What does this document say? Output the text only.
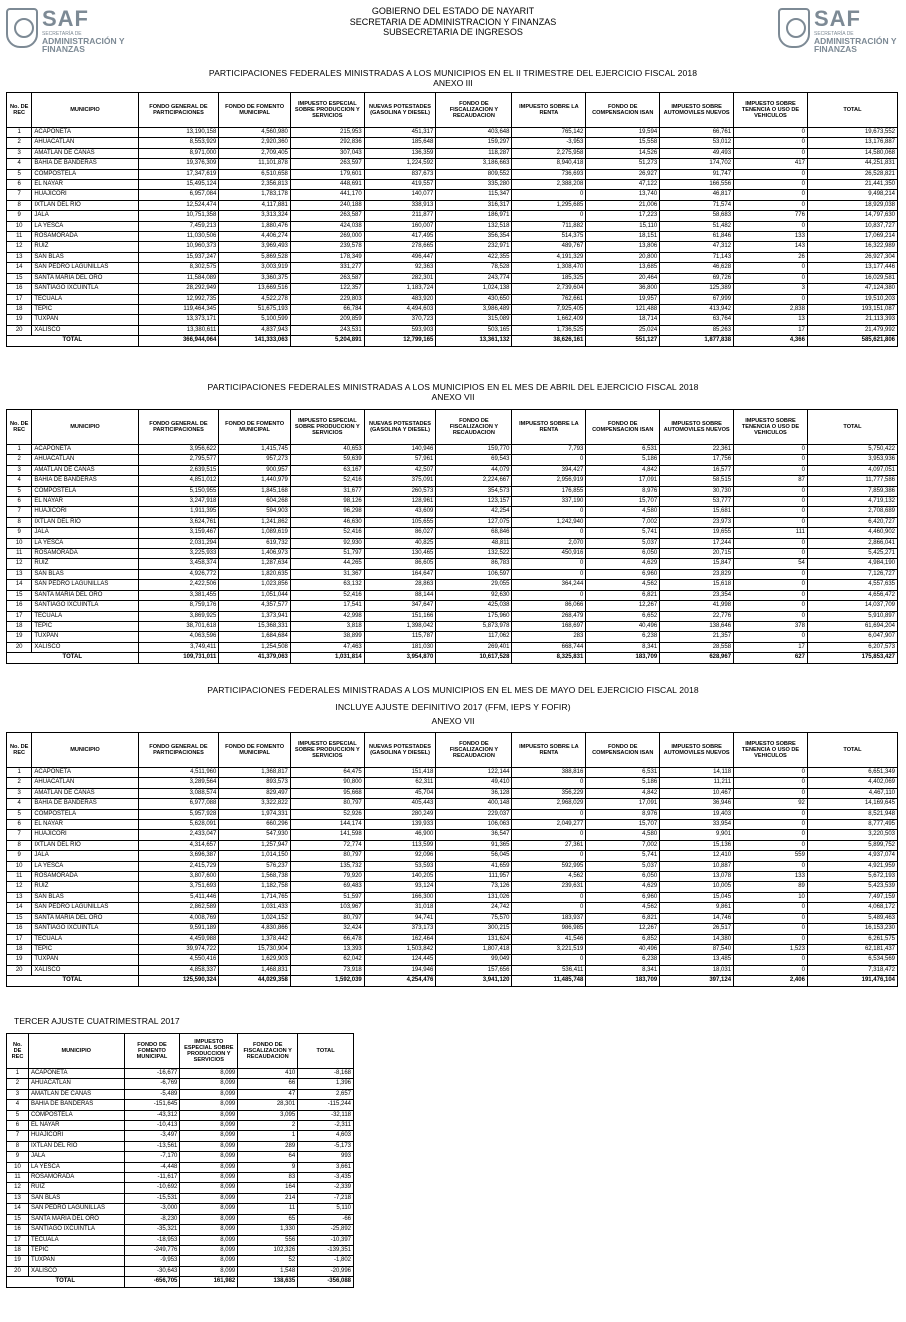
SAF
SECRETARÍA DE
ADMINISTRACIÓN Y FINANZAS
GOBIERNO DEL ESTADO DE NAYARIT
SECRETARIA DE ADMINISTRACION Y FINANZAS
SUBSECRETARIA DE INGRESOS
SAF
SECRETARÍA DE
ADMINISTRACIÓN Y FINANZAS
PARTICIPACIONES FEDERALES MINISTRADAS A LOS MUNICIPIOS EN EL II TRIMESTRE DEL EJERCICIO FISCAL 2018
ANEXO III
No. DE REC	MUNICIPIO	FONDO GENERAL DE PARTICIPACIONES	FONDO DE FOMENTO MUNICIPAL	IMPUESTO ESPECIAL SOBRE PRODUCCION Y SERVICIOS	NUEVAS POTESTADES (GASOLINA Y DIESEL)	FONDO DE FISCALIZACION Y RECAUDACION	IMPUESTO SOBRE LA RENTA	FONDO DE COMPENSACION ISAN	IMPUESTO SOBRE AUTOMOVILES NUEVOS	IMPUESTO SOBRE TENENCIA O USO DE VEHICULOS	TOTAL
1	ACAPONETA	13,190,158	4,560,980	215,953	451,317	403,648	765,142	19,594	66,761	0	19,673,552
2	AHUACATLAN	8,553,929	2,920,360	292,836	185,648	159,297	-3,953	15,558	53,012	0	13,176,887
3	AMATLAN DE CAÑAS	8,971,000	2,709,405	307,043	136,359	118,287	2,275,958	14,526	49,493	0	14,580,068
4	BAHIA DE BANDERAS	19,376,309	11,101,878	263,597	1,224,592	3,186,663	8,940,418	51,273	174,702	417	44,251,831
5	COMPOSTELA	17,347,619	6,510,658	179,601	837,673	809,552	736,693	26,927	91,747	0	26,528,821
6	EL NAYAR	15,495,124	2,356,813	448,691	419,557	335,280	2,388,208	47,122	166,556	0	21,441,350
7	HUAJICORI	6,957,084	1,783,178	441,170	140,077	115,347	0	13,740	46,817	0	9,498,214
8	IXTLAN DEL RIO	12,524,474	4,117,881	240,188	338,913	316,317	1,295,685	21,006	71,574	0	18,929,038
9	JALA	10,751,358	3,313,324	263,587	211,877	186,971	0	17,223	58,683	776	14,797,630
10	LA YESCA	7,459,213	1,880,476	424,038	160,007	132,518	711,882	15,110	51,482	0	10,837,727
11	ROSAMORADA	11,030,506	4,406,274	269,000	417,495	356,354	514,375	18,151	61,846	133	17,069,214
12	RUIZ	10,960,373	3,969,493	239,578	278,665	232,971	489,767	13,806	47,312	143	16,322,989
13	SAN BLAS	15,937,247	5,869,528	178,349	496,447	422,355	4,191,329	20,800	71,143	26	26,927,304
14	SAN PEDRO LAGUNILLAS	8,302,575	3,003,919	331,277	92,363	78,528	1,308,470	13,685	46,628	0	13,177,446
15	SANTA MARIA DEL ORO	11,584,089	3,360,375	263,587	282,301	243,774	185,325	20,464	69,726	0	16,029,581
16	SANTIAGO IXCUINTLA	28,292,949	13,669,516	122,357	1,183,724	1,024,138	2,739,604	36,800	125,389	3	47,124,380
17	TECUALA	12,992,735	4,522,278	229,803	483,920	430,650	762,661	19,957	67,999	0	19,510,203
18	TEPIC	119,464,345	51,675,193	66,784	4,494,603	3,986,489	7,925,405	121,488	413,942	2,838	193,151,087
19	TUXPAN	13,373,171	5,100,599	209,859	370,723	315,089	1,662,409	18,714	63,764	13	21,113,393
20	XALISCO	13,380,611	4,837,943	243,531	593,903	503,165	1,736,525	25,024	85,263	17	21,479,992
TOTAL		366,944,064	141,333,063	5,204,891	12,799,165	13,361,132	38,626,161	551,127	1,877,838	4,366	585,621,806
PARTICIPACIONES FEDERALES MINISTRADAS A LOS MUNICIPIOS EN EL MES DE ABRIL DEL EJERCICIO FISCAL 2018
ANEXO VII
No. DE REC	MUNICIPIO	FONDO GENERAL DE PARTICIPACIONES	FONDO DE FOMENTO MUNICIPAL	IMPUESTO ESPECIAL SOBRE PRODUCCION Y SERVICIOS	NUEVAS POTESTADES (GASOLINA Y DIESEL)	FONDO DE FISCALIZACION Y RECAUDACION	IMPUESTO SOBRE LA RENTA	FONDO DE COMPENSACION ISAN	IMPUESTO SOBRE AUTOMOVILES NUEVOS	IMPUESTO SOBRE TENENCIA O USO DE VEHICULOS	TOTAL
1	ACAPONETA	3,956,622	1,415,745	40,653	140,946	159,770	7,793	6,531	22,361	0	5,750,422
2	AHUACATLAN	2,795,577	957,273	59,639	57,961	69,543	0	5,186	17,756	0	3,953,936
3	AMATLAN DE CAÑAS	2,639,515	900,957	63,167	42,507	44,079	394,427	4,842	16,577	0	4,097,051
4	BAHIA DE BANDERAS	4,851,012	1,440,979	52,416	375,091	2,224,667	2,956,919	17,091	58,515	87	11,777,586
5	COMPOSTELA	5,150,955	1,845,168	31,677	260,573	354,573	176,855	8,976	30,730	0	7,859,386
6	EL NAYAR	3,247,918	604,268	98,126	128,961	123,157	337,190	15,707	53,777	0	4,719,132
7	HUAJICORI	1,911,395	594,903	96,298	43,609	42,254	0	4,580	15,681	0	2,708,689
8	IXTLAN DEL RIO	3,624,761	1,241,862	46,630	105,655	127,075	1,242,940	7,002	23,973	0	6,420,727
9	JALA	3,159,467	1,089,619	52,416	86,027	68,846	0	5,741	19,655	111	4,460,902
10	LA YESCA	2,031,294	619,732	92,930	40,825	48,811	2,070	5,037	17,244	0	2,866,041
11	ROSAMORADA	3,225,933	1,406,973	51,797	130,465	132,522	450,916	6,050	20,715	0	5,425,271
12	RUIZ	3,458,374	1,287,634	44,265	86,605	86,783	0	4,629	15,847	54	4,984,190
13	SAN BLAS	4,926,772	1,820,635	31,367	164,647	106,597	0	6,960	23,829	0	7,126,727
14	SAN PEDRO LAGUNILLAS	2,422,506	1,023,856	63,132	28,863	29,055	364,244	4,562	15,618	0	4,557,635
15	SANTA MARIA DEL ORO	3,381,455	1,051,044	52,416	88,144	92,630	0	6,821	23,354	0	4,656,472
16	SANTIAGO IXCUINTLA	8,759,176	4,357,577	17,541	347,647	425,038	86,066	12,267	41,998	0	14,037,709
17	TECUALA	3,869,925	1,373,941	42,998	151,166	175,960	268,479	6,652	22,776	0	5,910,897
18	TEPIC	38,701,618	15,368,331	3,818	1,398,042	5,873,978	168,697	40,496	138,646	378	61,694,204
19	TUXPAN	4,063,596	1,684,684	38,899	115,787	117,062	283	6,238	21,357	0	6,047,907
20	XALISCO	3,749,411	1,254,508	47,463	181,030	269,401	668,744	8,341	28,558	17	6,207,573
TOTAL		109,731,011	41,379,063	1,031,814	3,954,870	10,617,528	8,325,831	183,709	628,967	627	175,853,427
PARTICIPACIONES FEDERALES MINISTRADAS A LOS MUNICIPIOS EN EL MES DE MAYO DEL EJERCICIO FISCAL 2018
INCLUYE AJUSTE DEFINITIVO 2017 (FFM, IEPS Y FOFIR)
ANEXO VII
No. DE REC	MUNICIPIO	FONDO GENERAL DE PARTICIPACIONES	FONDO DE FOMENTO MUNICIPAL	IMPUESTO ESPECIAL SOBRE PRODUCCION Y SERVICIOS	NUEVAS POTESTADES (GASOLINA Y DIESEL)	FONDO DE FISCALIZACION Y RECAUDACION	IMPUESTO SOBRE LA RENTA	FONDO DE COMPENSACION ISAN	IMPUESTO SOBRE AUTOMOVILES NUEVOS	IMPUESTO SOBRE TENENCIA O USO DE VEHICULOS	TOTAL
1	ACAPONETA	4,511,960	1,368,817	64,475	151,418	122,144	388,816	6,531	14,118	0	6,651,349
2	AHUACATLAN	3,289,564	893,573	90,800	62,311	49,410	0	5,186	11,211	0	4,402,069
3	AMATLAN DE CAÑAS	3,088,574	829,497	95,668	45,704	36,128	356,229	4,842	10,467	0	4,467,110
4	BAHIA DE BANDERAS	6,977,088	3,322,822	80,797	405,443	400,148	2,968,029	17,091	36,946	92	14,169,645
5	COMPOSTELA	5,957,928	1,974,331	52,926	280,249	229,037	0	8,976	19,403	0	8,521,948
6	EL NAYAR	5,628,091	660,296	144,174	139,933	106,063	2,049,277	15,707	33,954	0	8,777,495
7	HUAJICORI	2,433,047	547,930	141,598	46,900	36,547	0	4,580	9,901	0	3,220,503
8	IXTLAN DEL RIO	4,314,657	1,257,947	72,774	113,599	91,365	27,361	7,002	15,136	0	5,899,752
9	JALA	3,696,387	1,014,150	80,797	92,096	56,045	0	5,741	12,410	559	4,937,074
10	LA YESCA	2,415,729	576,237	135,732	53,593	41,659	592,995	5,037	10,887	0	4,921,959
11	ROSAMORADA	3,807,600	1,568,738	79,920	140,205	111,957	4,562	6,050	13,078	133	5,672,193
12	RUIZ	3,751,693	1,182,758	69,483	93,124	73,126	239,631	4,629	10,005	89	5,423,539
13	SAN BLAS	5,411,446	1,714,765	51,597	166,300	131,026	0	6,960	15,045	10	7,497,159
14	SAN PEDRO LAGUNILLAS	2,862,589	1,031,433	103,967	31,018	24,742	0	4,562	9,861	0	4,068,172
15	SANTA MARIA DEL ORO	4,008,769	1,024,152	80,797	94,741	75,570	183,937	6,821	14,746	0	5,489,463
16	SANTIAGO IXCUINTLA	9,591,189	4,830,866	32,424	373,173	300,215	986,985	12,267	26,517	0	16,153,230
17	TECUALA	4,459,988	1,378,442	66,478	162,464	131,624	41,546	6,852	14,380	0	6,261,575
18	TEPIC	39,974,722	15,730,904	13,393	1,503,842	1,807,418	3,221,519	40,496	87,540	1,523	62,181,437
19	TUXPAN	4,550,416	1,629,903	62,042	124,445	99,049	0	6,238	13,485	0	6,534,569
20	XALISCO	4,858,337	1,468,831	73,918	194,946	157,656	536,411	8,341	18,031	0	7,318,472
TOTAL		125,590,324	44,029,358	1,592,039	4,254,476	3,941,120	11,485,748	183,709	397,124	2,406	191,476,104
TERCER AJUSTE CUATRIMESTRAL 2017
No. DE REC	MUNICIPIO	FONDO DE FOMENTO MUNICIPAL	IMPUESTO ESPECIAL SOBRE PRODUCCION Y SERVICIOS	FONDO DE FISCALIZACION Y RECAUDACION	TOTAL
1	ACAPONETA	-16,677	8,099	410	-8,168
2	AHUACATLAN	-6,769	8,099	66	1,396
3	AMATLAN DE CAÑAS	-5,489	8,099	47	2,657
4	BAHIA DE BANDERAS	-151,645	8,099	28,301	-115,244
5	COMPOSTELA	-43,312	8,099	3,095	-32,118
6	EL NAYAR	-10,413	8,099	2	-2,311
7	HUAJICORI	-3,497	8,099	1	4,603
8	IXTLAN DEL RIO	-13,561	8,099	289	-5,173
9	JALA	-7,170	8,099	64	993
10	LA YESCA	-4,448	8,099	9	3,661
11	ROSAMORADA	-11,617	8,099	83	-3,435
12	RUIZ	-10,692	8,099	164	-2,339
13	SAN BLAS	-15,531	8,099	214	-7,218
14	SAN PEDRO LAGUNILLAS	-3,000	8,099	11	5,110
15	SANTA MARIA DEL ORO	-8,230	8,099	65	-66
16	SANTIAGO IXCUINTLA	-35,321	8,099	1,330	-25,892
17	TECUALA	-18,953	8,099	556	-10,397
18	TEPIC	-249,776	8,099	102,326	-139,351
19	TUXPAN	-9,953	8,099	52	-1,802
20	XALISCO	-30,643	8,099	1,548	-20,996
TOTAL		-656,705	161,982	138,635	-356,088
